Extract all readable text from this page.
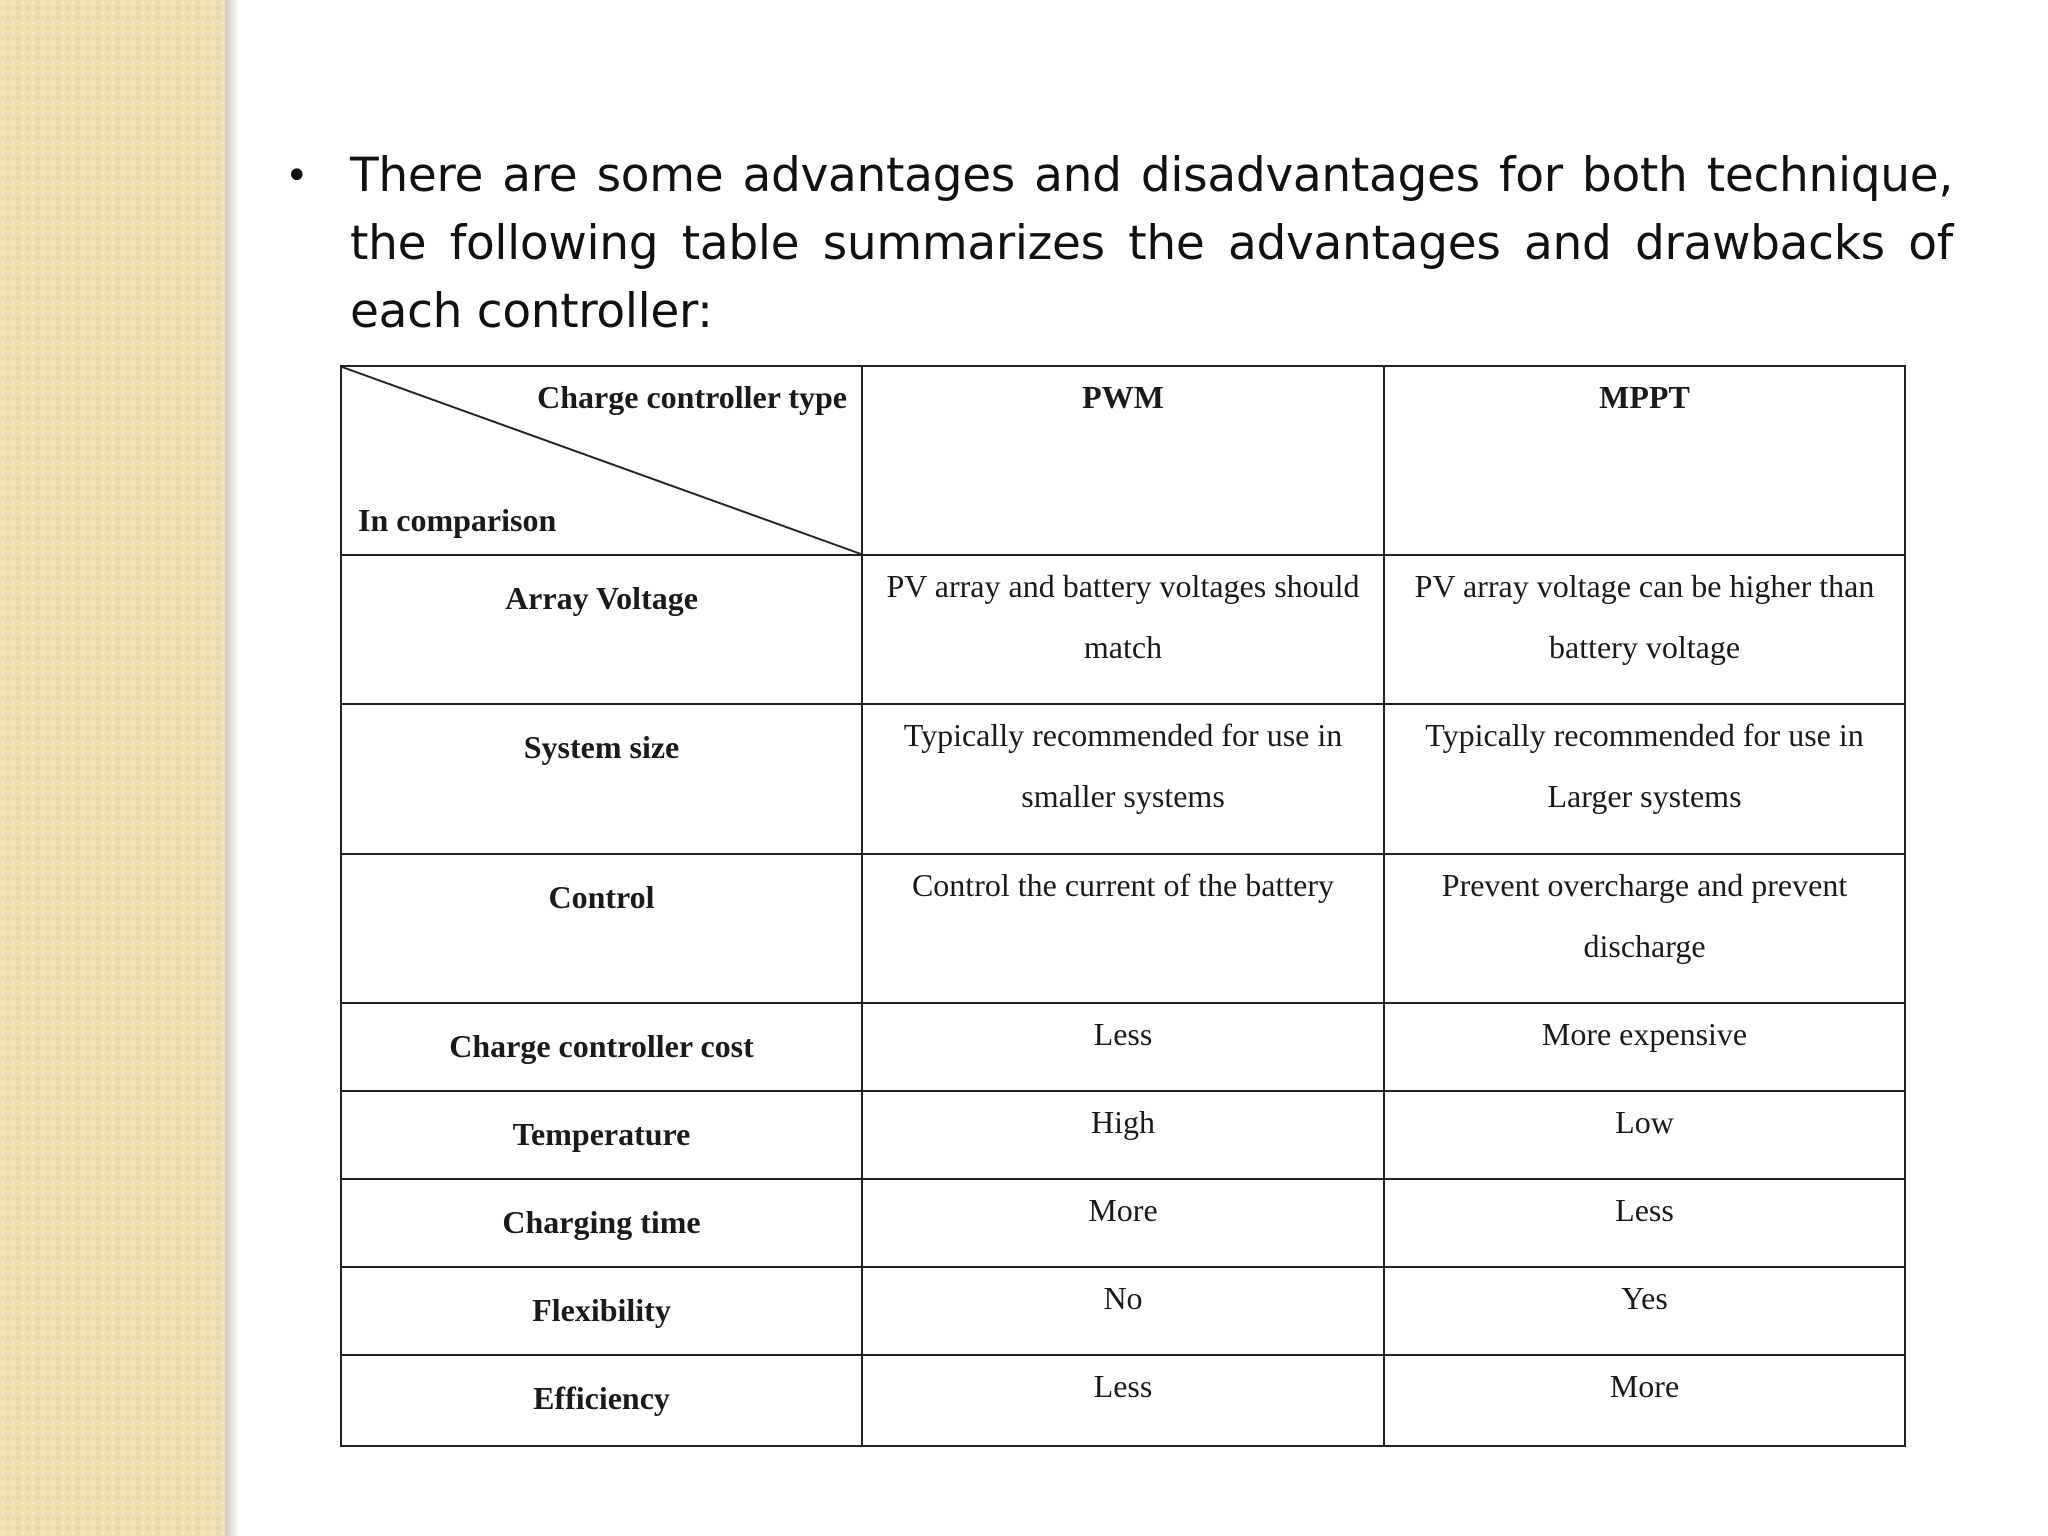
• There are some advantages and disadvantages for both technique, the following table summarizes the advantages and drawbacks of each controller:
Charge controller type
In comparison	PWM	MPPT
Array Voltage	PV array and battery voltages should match	PV array voltage can be higher than battery voltage
System size	Typically recommended for use in smaller systems	Typically recommended for use in Larger systems
Control	Control the current of the battery	Prevent overcharge and prevent discharge
Charge controller cost	Less	More expensive
Temperature	High	Low
Charging time	More	Less
Flexibility	No	Yes
Efficiency	Less	More
